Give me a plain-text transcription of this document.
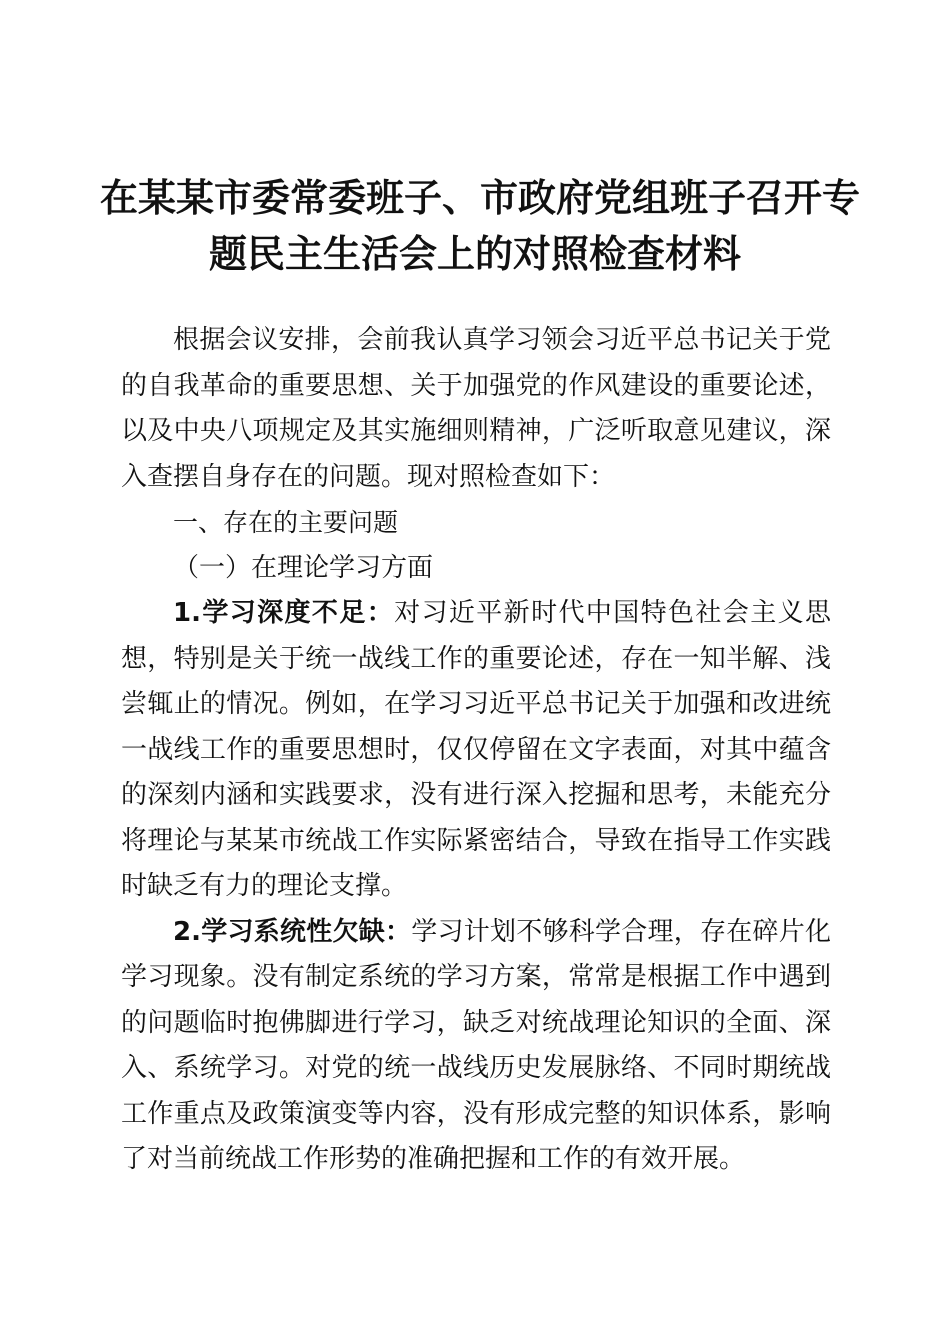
在某某市委常委班子、市政府党组班子召开专
题民主生活会上的对照检查材料

根据会议安排，会前我认真学习领会习近平总书记关于党的自我革命的重要思想、关于加强党的作风建设的重要论述，以及中央八项规定及其实施细则精神，广泛听取意见建议，深入查摆自身存在的问题。现对照检查如下：

一、存在的主要问题

（一）在理论学习方面

1.学习深度不足：对习近平新时代中国特色社会主义思想，特别是关于统一战线工作的重要论述，存在一知半解、浅尝辄止的情况。例如，在学习习近平总书记关于加强和改进统一战线工作的重要思想时，仅仅停留在文字表面，对其中蕴含的深刻内涵和实践要求，没有进行深入挖掘和思考，未能充分将理论与某某市统战工作实际紧密结合，导致在指导工作实践时缺乏有力的理论支撑。

2.学习系统性欠缺：学习计划不够科学合理，存在碎片化学习现象。没有制定系统的学习方案，常常是根据工作中遇到的问题临时抱佛脚进行学习，缺乏对统战理论知识的全面、深入、系统学习。对党的统一战线历史发展脉络、不同时期统战工作重点及政策演变等内容，没有形成完整的知识体系，影响了对当前统战工作形势的准确把握和工作的有效开展。
